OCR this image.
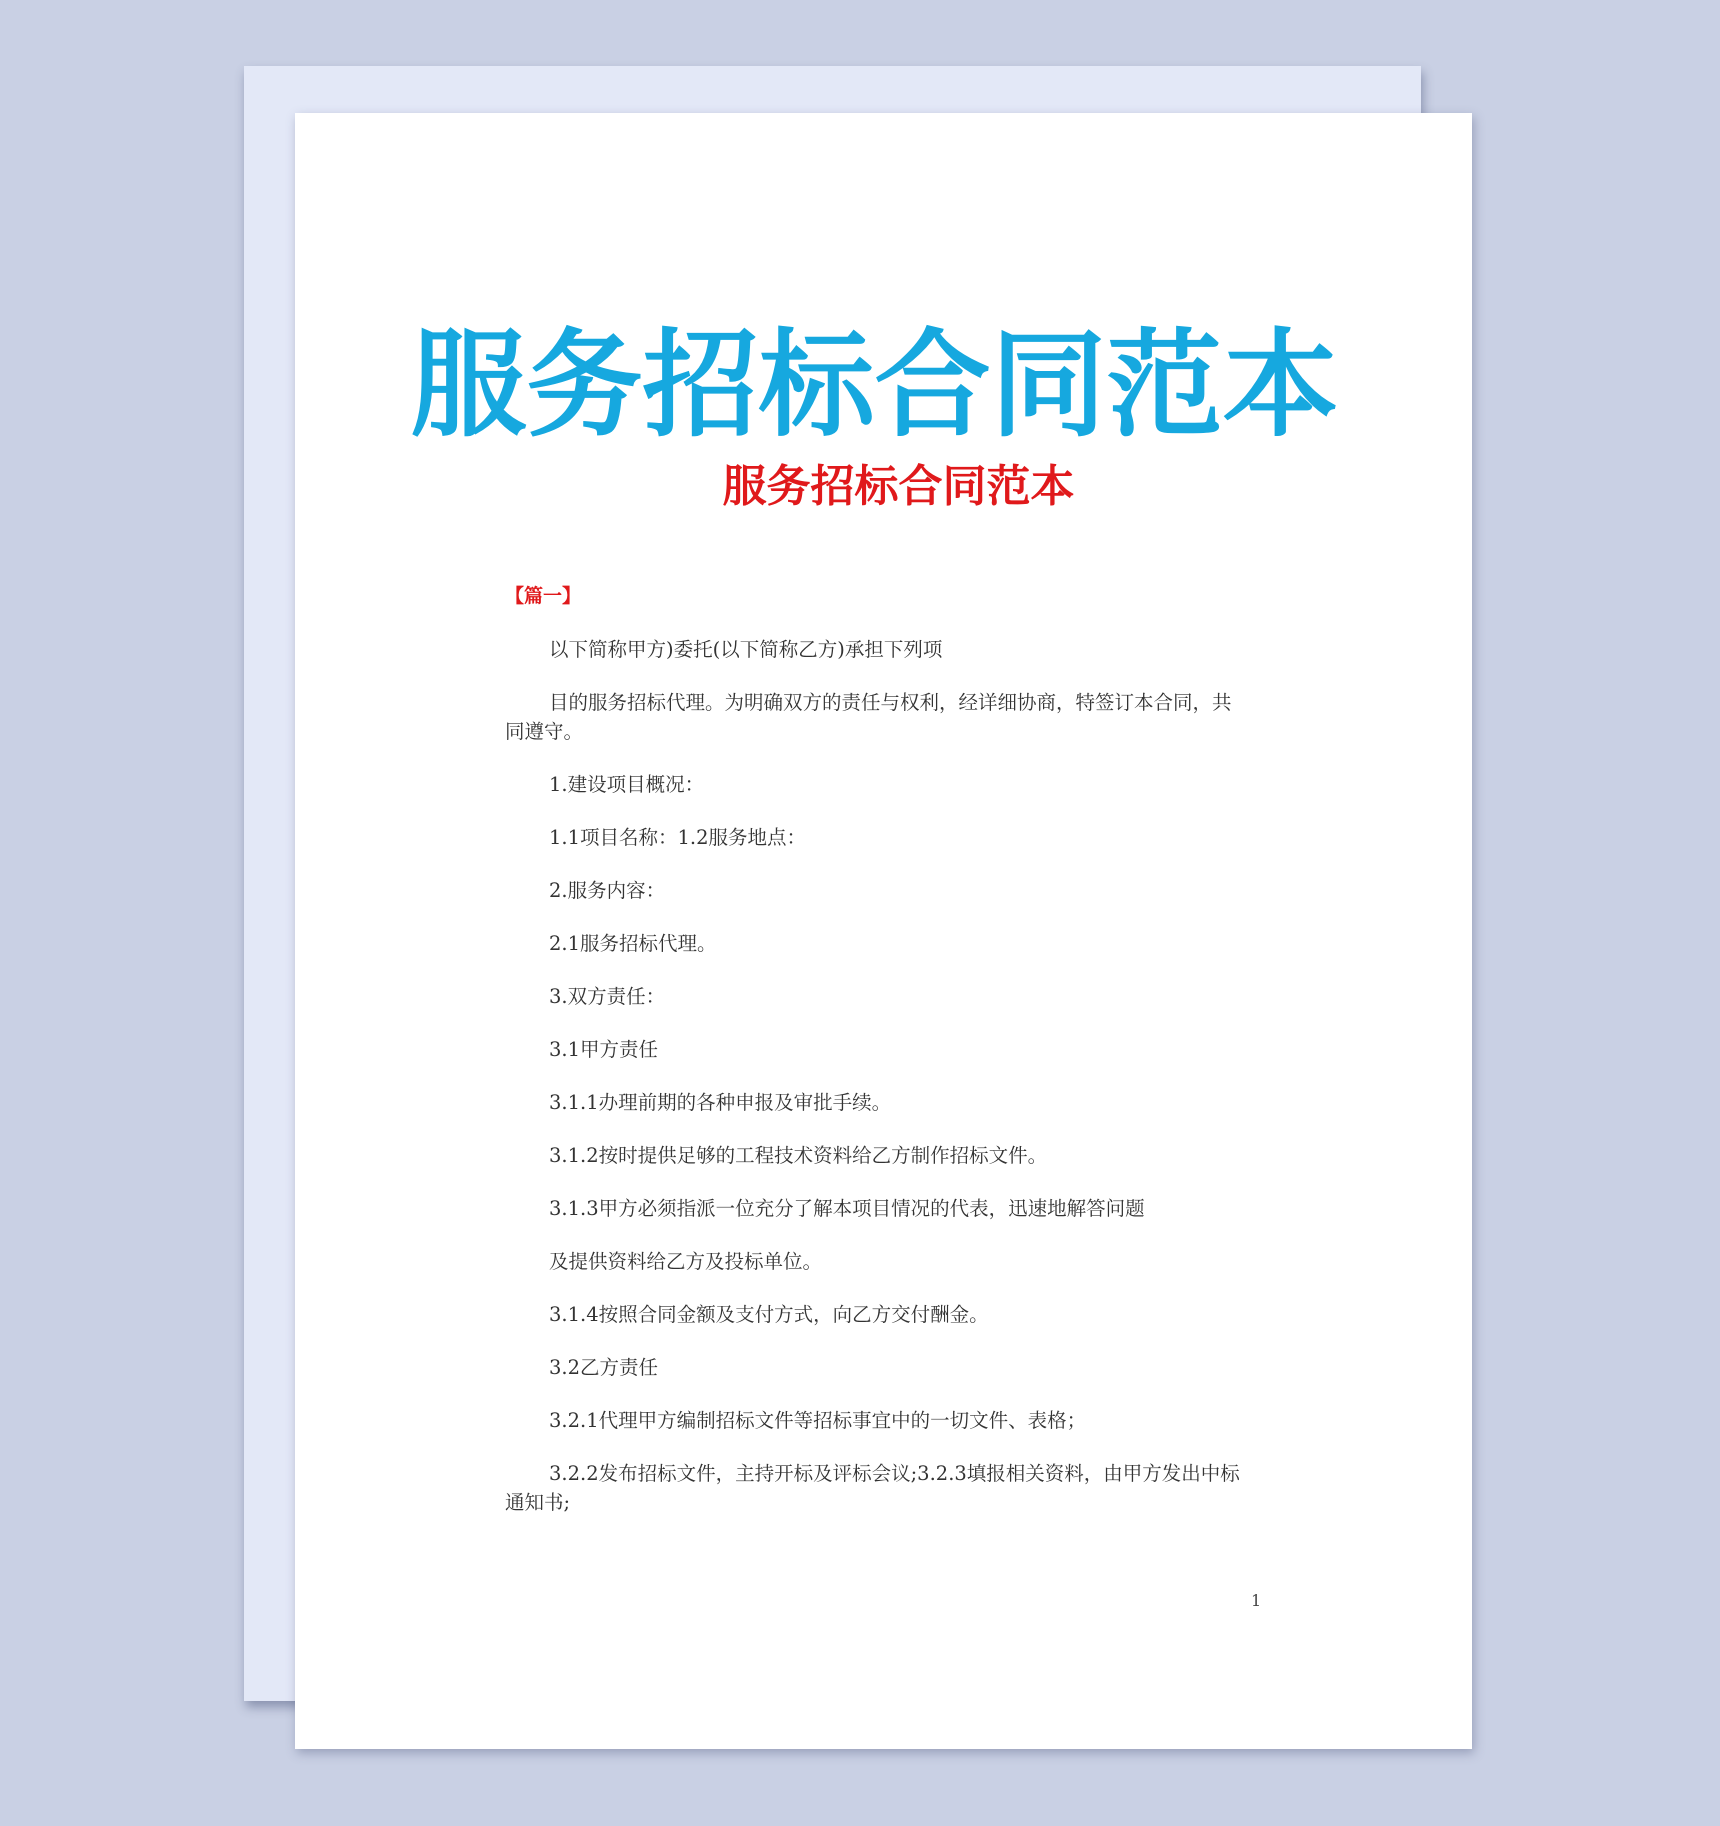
服务招标合同范本
服务招标合同范本
【篇一】

以下简称甲方)委托(以下简称乙方)承担下列项

目的服务招标代理。为明确双方的责任与权利，经详细协商，特签订本合同，共同遵守。

1.建设项目概况：

1.1项目名称：1.2服务地点：

2.服务内容：

2.1服务招标代理。

3.双方责任：

3.1甲方责任

3.1.1办理前期的各种申报及审批手续。

3.1.2按时提供足够的工程技术资料给乙方制作招标文件。

3.1.3甲方必须指派一位充分了解本项目情况的代表，迅速地解答问题

及提供资料给乙方及投标单位。

3.1.4按照合同金额及支付方式，向乙方交付酬金。

3.2乙方责任

3.2.1代理甲方编制招标文件等招标事宜中的一切文件、表格；

3.2.2发布招标文件，主持开标及评标会议;3.2.3填报相关资料，由甲方发出中标通知书;

1
